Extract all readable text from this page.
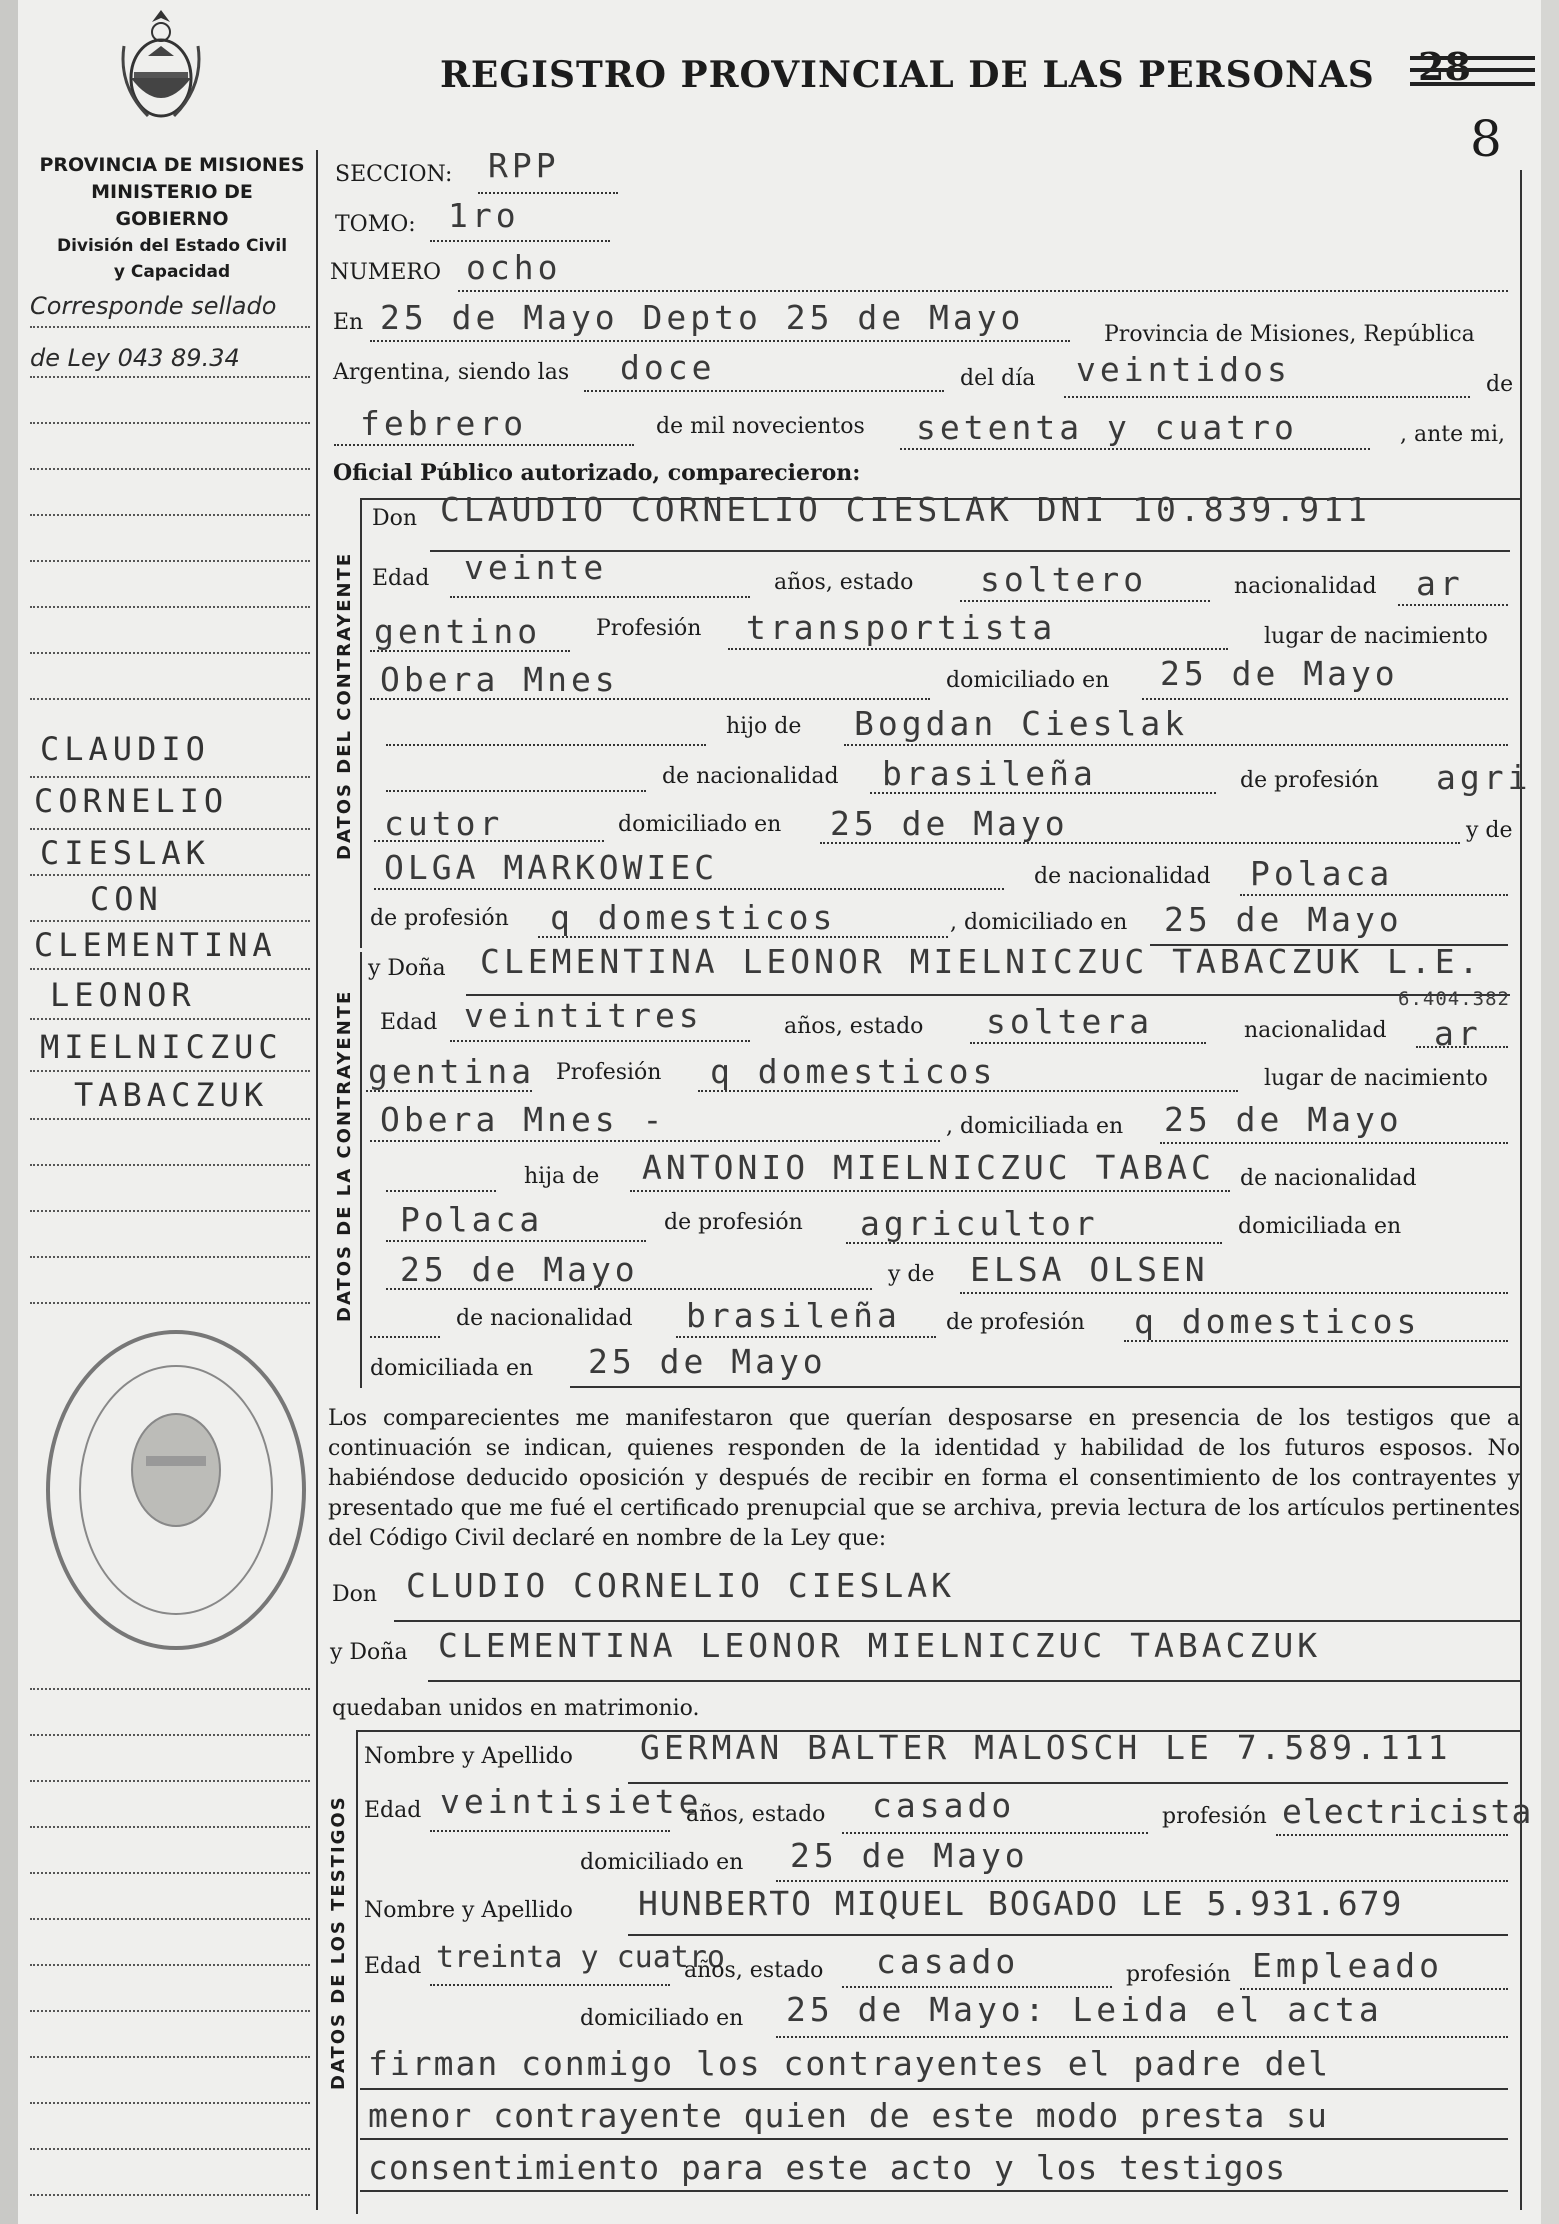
REGISTRO PROVINCIAL DE LAS PERSONAS 28
8
PROVINCIA DE MISIONES
MINISTERIO DE GOBIERNO
División del Estado Civil
y Capacidad
Corresponde sellado
de Ley 043 89.34
CLAUDIO
CORNELIO
CIESLAK
CON
CLEMENTINA
LEONOR
MIELNICZUC
TABACZUK
SECCION: RPP
TOMO: 1ro
NUMERO ocho
En 25 de Mayo Depto 25 de Mayo	Provincia de Misiones, República
Argentina, siendo las doce	del día veintidos	de
febrero	de mil novecientos setenta y cuatro	, ante mi,
Oficial Público autorizado, comparecieron:
DATOS DEL CONTRAYENTE
Don CLAUDIO CORNELIO CIESLAK DNI 10.839.911
Edad veinte	años, estado soltero	nacionalidad ar
gentino Profesión transportista	lugar de nacimiento
Obera Mnes	domiciliado en 25 de Mayo
hijo de Bogdan Cieslak
de nacionalidad brasileña	de profesión agri
cutor	domiciliado en 25 de Mayo	y de
OLGA MARKOWIEC	de nacionalidad Polaca
de profesión q domesticos	, domiciliado en 25 de Mayo
DATOS DE LA CONTRAYENTE
y Doña CLEMENTINA LEONOR MIELNICZUC TABACZUK L.E.
6.404.382
Edad veintitres	años, estado soltera	nacionalidad ar
gentina Profesión q domesticos	lugar de nacimiento
Obera Mnes -	, domiciliada en 25 de Mayo
hija de ANTONIO MIELNICZUC TABAC de nacionalidad
Polaca	de profesión agricultor	domiciliada en
25 de Mayo	y de ELSA OLSEN
de nacionalidad brasileña de profesión q domesticos
domiciliada en 25 de Mayo
Los comparecientes me manifestaron que querían desposarse en presencia de los testigos que a continuación se indican, quienes responden de la identidad y habilidad de los futuros esposos. No habiéndose deducido oposición y después de recibir en forma el consentimiento de los contrayentes y presentado que me fué el certificado prenupcial que se archiva, previa lectura de los artículos pertinentes del Código Civil declaré en nombre de la Ley que:
Don CLUDIO CORNELIO CIESLAK
y Doña CLEMENTINA LEONOR MIELNICZUC TABACZUK
quedaban unidos en matrimonio.
DATOS DE LOS TESTIGOS
Nombre y Apellido GERMAN BALTER MALOSCH LE 7.589.111
Edad veintisiete
años, estado casado	profesión electricista
domiciliado en 25 de Mayo
Nombre y Apellido HUNBERTO MIQUEL BOGADO LE 5.931.679
Edad treinta y cuatro
años, estado casado	profesión Empleado
domiciliado en 25 de Mayo: Leida el acta
firman conmigo los contrayentes el padre del
menor contrayente quien de este modo presta su
consentimiento para este acto y los testigos
